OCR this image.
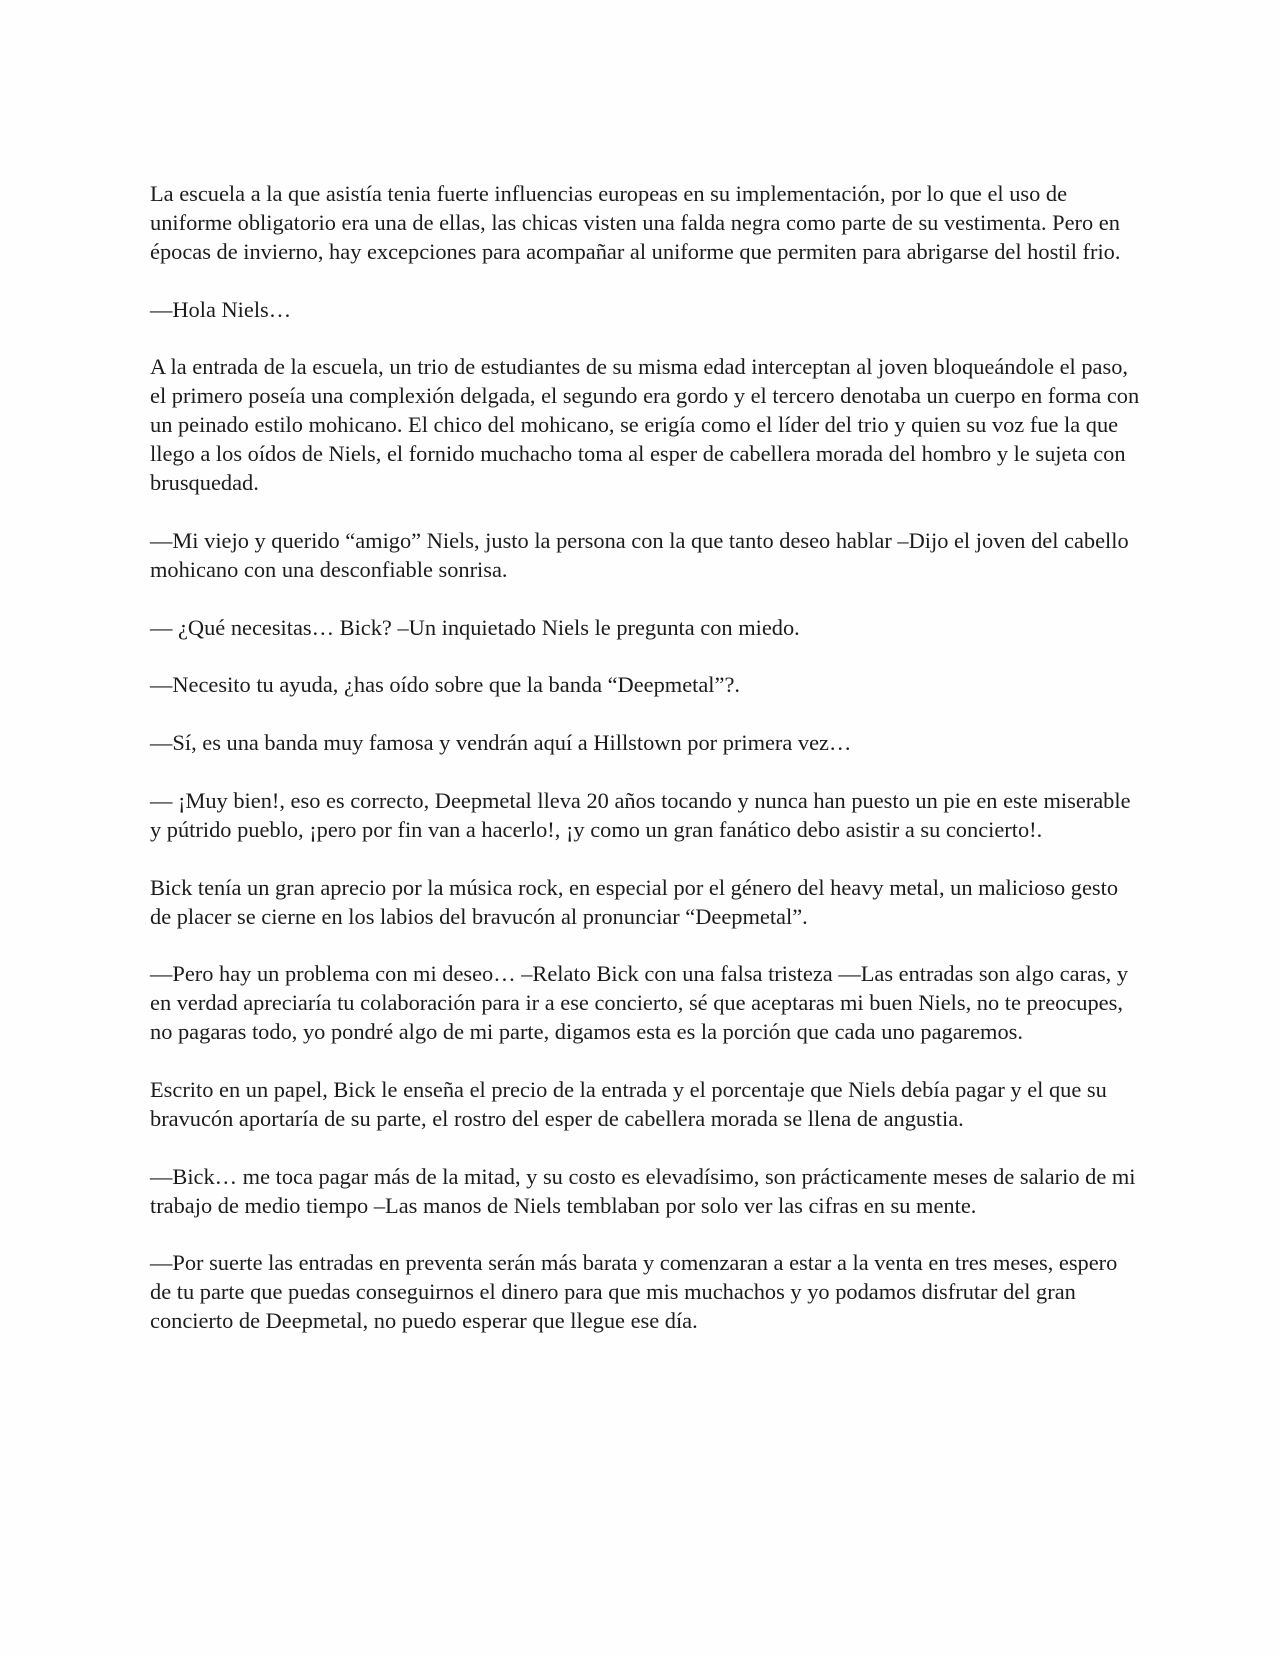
La escuela a la que asistía tenia fuerte influencias europeas en su implementación, por lo que el uso de uniforme obligatorio era una de ellas, las chicas visten una falda negra como parte de su vestimenta. Pero en épocas de invierno, hay excepciones para acompañar al uniforme que permiten para abrigarse del hostil frio.

—Hola Niels…

A la entrada de la escuela, un trio de estudiantes de su misma edad interceptan al joven bloqueándole el paso, el primero poseía una complexión delgada, el segundo era gordo y el tercero denotaba un cuerpo en forma con un peinado estilo mohicano. El chico del mohicano, se erigía como el líder del trio y quien su voz fue la que llego a los oídos de Niels, el fornido muchacho toma al esper de cabellera morada del hombro y le sujeta con brusquedad.

—Mi viejo y querido “amigo” Niels, justo la persona con la que tanto deseo hablar –Dijo el joven del cabello mohicano con una desconfiable sonrisa.

— ¿Qué necesitas… Bick? –Un inquietado Niels le pregunta con miedo.

—Necesito tu ayuda, ¿has oído sobre que la banda “Deepmetal”?.

—Sí, es una banda muy famosa y vendrán aquí a Hillstown por primera vez…

— ¡Muy bien!, eso es correcto, Deepmetal lleva 20 años tocando y nunca han puesto un pie en este miserable y pútrido pueblo, ¡pero por fin van a hacerlo!, ¡y como un gran fanático debo asistir a su concierto!.

Bick tenía un gran aprecio por la música rock, en especial por el género del heavy metal, un malicioso gesto de placer se cierne en los labios del bravucón al pronunciar “Deepmetal”.

—Pero hay un problema con mi deseo… –Relato Bick con una falsa tristeza —Las entradas son algo caras, y en verdad apreciaría tu colaboración para ir a ese concierto, sé que aceptaras mi buen Niels, no te preocupes, no pagaras todo, yo pondré algo de mi parte, digamos esta es la porción que cada uno pagaremos.

Escrito en un papel, Bick le enseña el precio de la entrada y el porcentaje que Niels debía pagar y el que su bravucón aportaría de su parte, el rostro del esper de cabellera morada se llena de angustia.

—Bick… me toca pagar más de la mitad, y su costo es elevadísimo, son prácticamente meses de salario de mi trabajo de medio tiempo –Las manos de Niels temblaban por solo ver las cifras en su mente.

—Por suerte las entradas en preventa serán más barata y comenzaran a estar a la venta en tres meses, espero de tu parte que puedas conseguirnos el dinero para que mis muchachos y yo podamos disfrutar del gran concierto de Deepmetal, no puedo esperar que llegue ese día.
